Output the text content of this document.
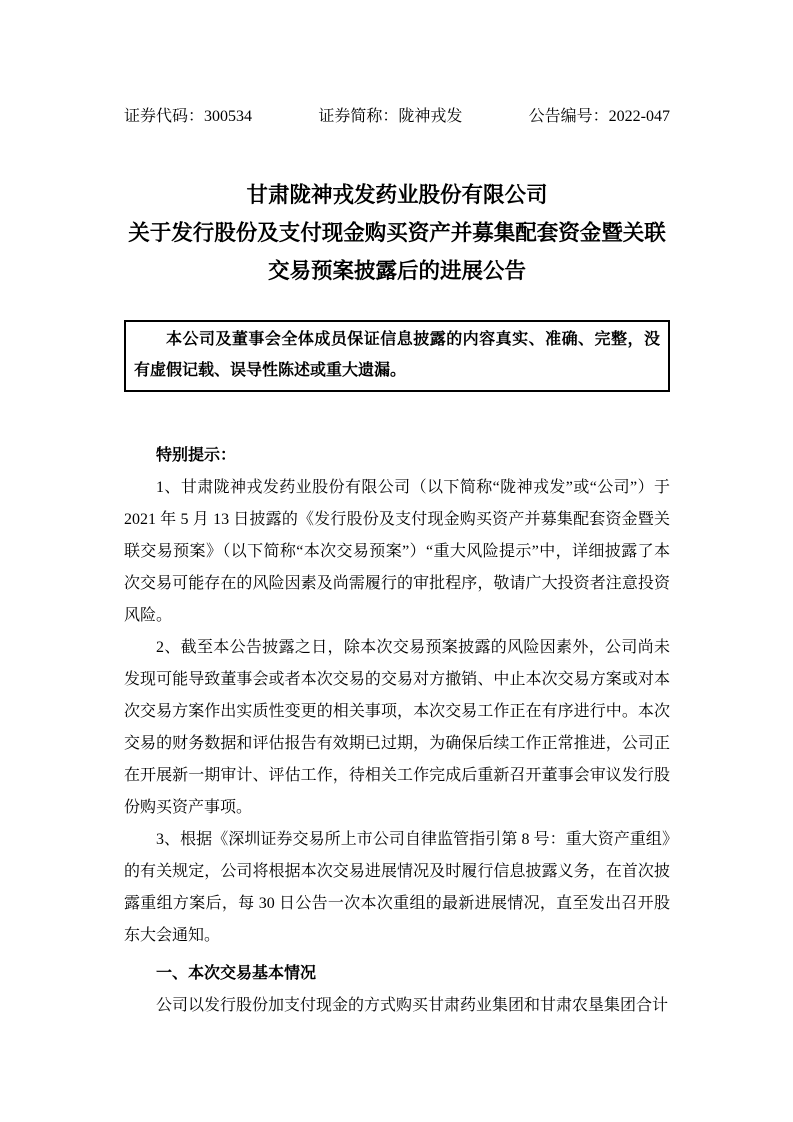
证券代码：300534	证券简称：陇神戎发	公告编号：2022-047
甘肃陇神戎发药业股份有限公司
关于发行股份及支付现金购买资产并募集配套资金暨关联
交易预案披露后的进展公告
本公司及董事会全体成员保证信息披露的内容真实、准确、完整，没有虚假记载、误导性陈述或重大遗漏。

特别提示：

1、甘肃陇神戎发药业股份有限公司（以下简称“陇神戎发”或“公司”）于 2021 年 5 月 13 日披露的《发行股份及支付现金购买资产并募集配套资金暨关联交易预案》（以下简称“本次交易预案”）“重大风险提示”中，详细披露了本次交易可能存在的风险因素及尚需履行的审批程序，敬请广大投资者注意投资风险。

2、截至本公告披露之日，除本次交易预案披露的风险因素外，公司尚未发现可能导致董事会或者本次交易的交易对方撤销、中止本次交易方案或对本次交易方案作出实质性变更的相关事项，本次交易工作正在有序进行中。本次交易的财务数据和评估报告有效期已过期，为确保后续工作正常推进，公司正在开展新一期审计、评估工作，待相关工作完成后重新召开董事会审议发行股份购买资产事项。

3、根据《深圳证券交易所上市公司自律监管指引第 8 号：重大资产重组》的有关规定，公司将根据本次交易进展情况及时履行信息披露义务，在首次披露重组方案后，每 30 日公告一次本次重组的最新进展情况，直至发出召开股东大会通知。

一、本次交易基本情况

公司以发行股份加支付现金的方式购买甘肃药业集团和甘肃农垦集团合计
